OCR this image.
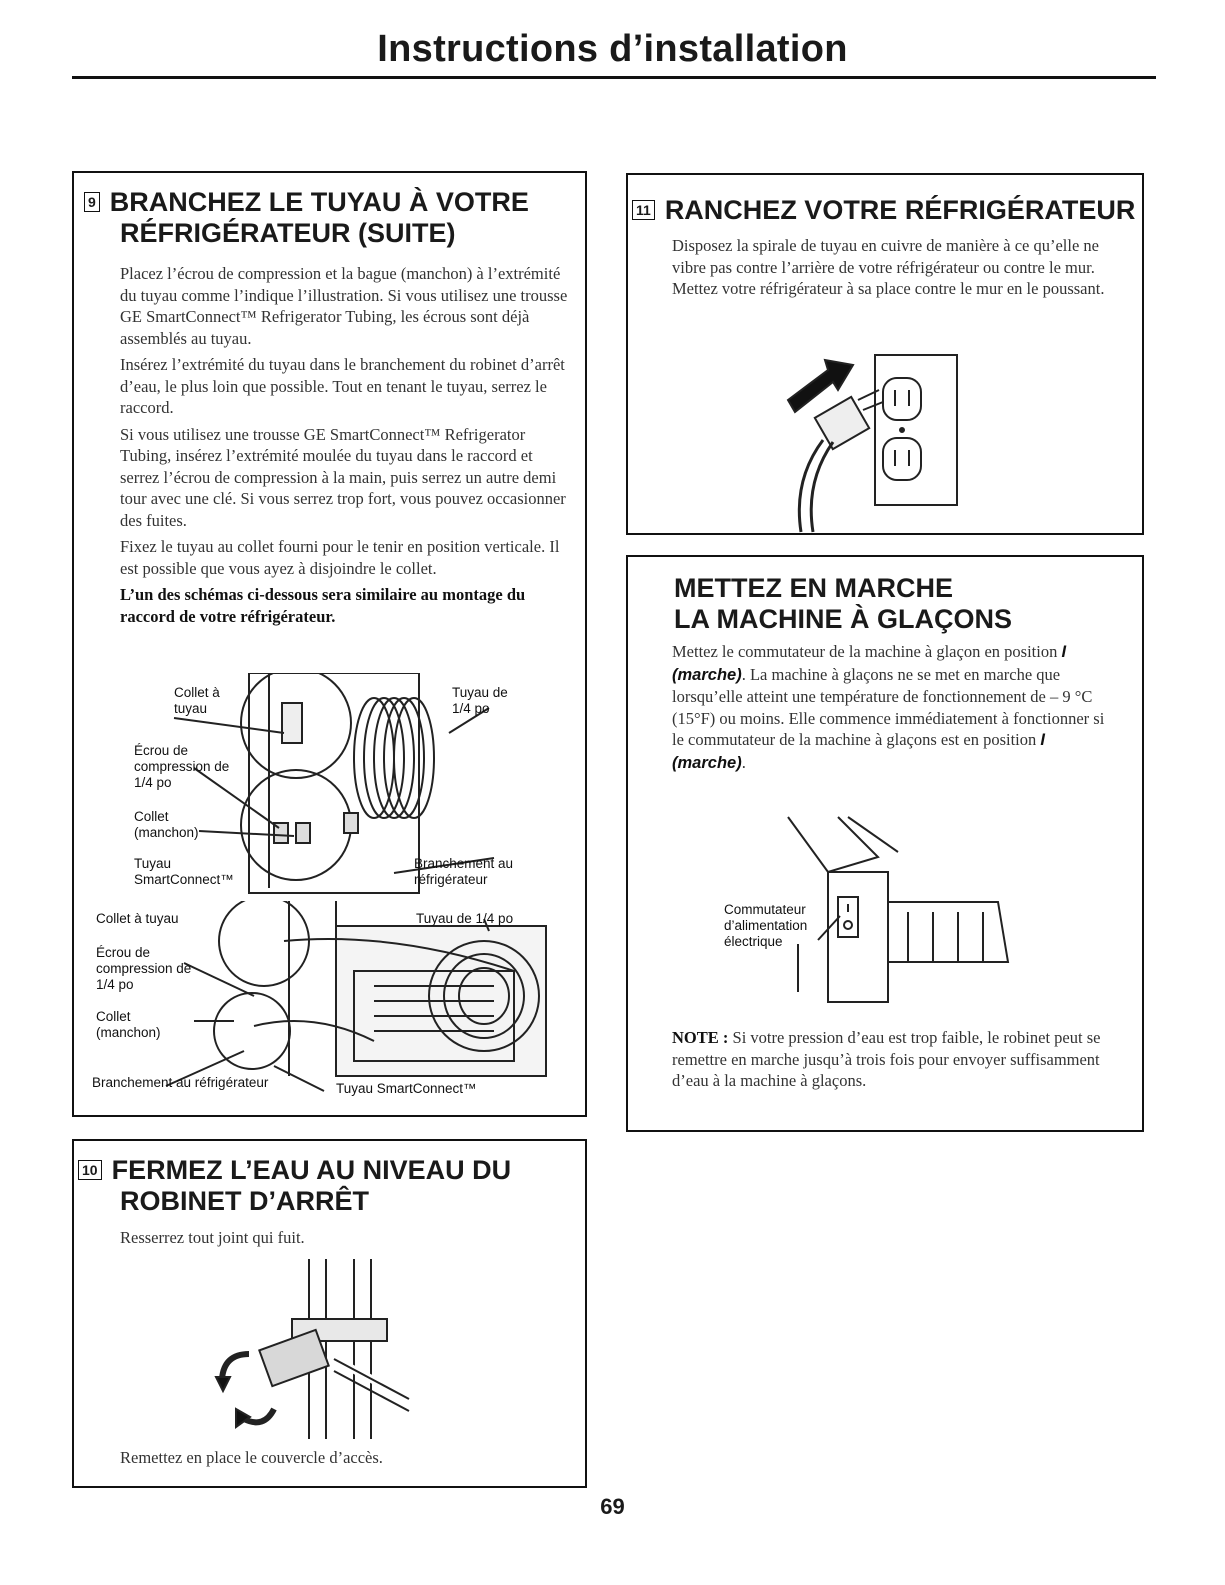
Instructions d’installation
9 BRANCHEZ LE TUYAU À VOTRE
RÉFRIGÉRATEUR (SUITE)

Placez l’écrou de compression et la bague (manchon) à l’extrémité du tuyau comme l’indique l’illustration. Si vous utilisez une trousse GE SmartConnect™ Refrigerator Tubing, les écrous sont déjà assemblés au tuyau.

Insérez l’extrémité du tuyau dans le branchement du robinet d’arrêt d’eau, le plus loin que possible. Tout en tenant le tuyau, serrez le raccord.

Si vous utilisez une trousse GE SmartConnect™ Refrigerator Tubing, insérez l’extrémité moulée du tuyau dans le raccord et serrez l’écrou de compression à la main, puis serrez un autre demi tour avec une clé. Si vous serrez trop fort, vous pouvez occasionner des fuites.

Fixez le tuyau au collet fourni pour le tenir en position verticale. Il est possible que vous ayez à disjoindre le collet.

L’un des schémas ci-dessous sera similaire au montage du raccord de votre réfrigérateur.

Collet à tuyau
Tuyau de 1/4 po
Écrou de compression de 1/4 po
Collet (manchon)
Tuyau SmartConnect™
Branchement au réfrigérateur
Collet à tuyau	Tuyau de 1/4 po
Écrou de compression de 1/4 po
Collet (manchon)
Branchement au réfrigérateur	Tuyau SmartConnect™
10 FERMEZ L’EAU AU NIVEAU DU
ROBINET D’ARRÊT
Resserrez tout joint qui fuit.
Remettez en place le couvercle d’accès.
11 RANCHEZ VOTRE RÉFRIGÉRATEUR
Disposez la spirale de tuyau en cuivre de manière à ce qu’elle ne vibre pas contre l’arrière de votre réfrigérateur ou contre le mur. Mettez votre réfrigérateur à sa place contre le mur en le poussant.
METTEZ EN MARCHE
LA MACHINE À GLAÇONS
Mettez le commutateur de la machine à glaçon en position I (marche). La machine à glaçons ne se met en marche que lorsqu’elle atteint une température de fonctionnement de – 9 °C (15°F) ou moins. Elle commence immédiatement à fonctionner si le commutateur de la machine à glaçons est en position I (marche).
Commutateur d’alimentation électrique
NOTE : Si votre pression d’eau est trop faible, le robinet peut se remettre en marche jusqu’à trois fois pour envoyer suffisamment d’eau à la machine à glaçons.
69
